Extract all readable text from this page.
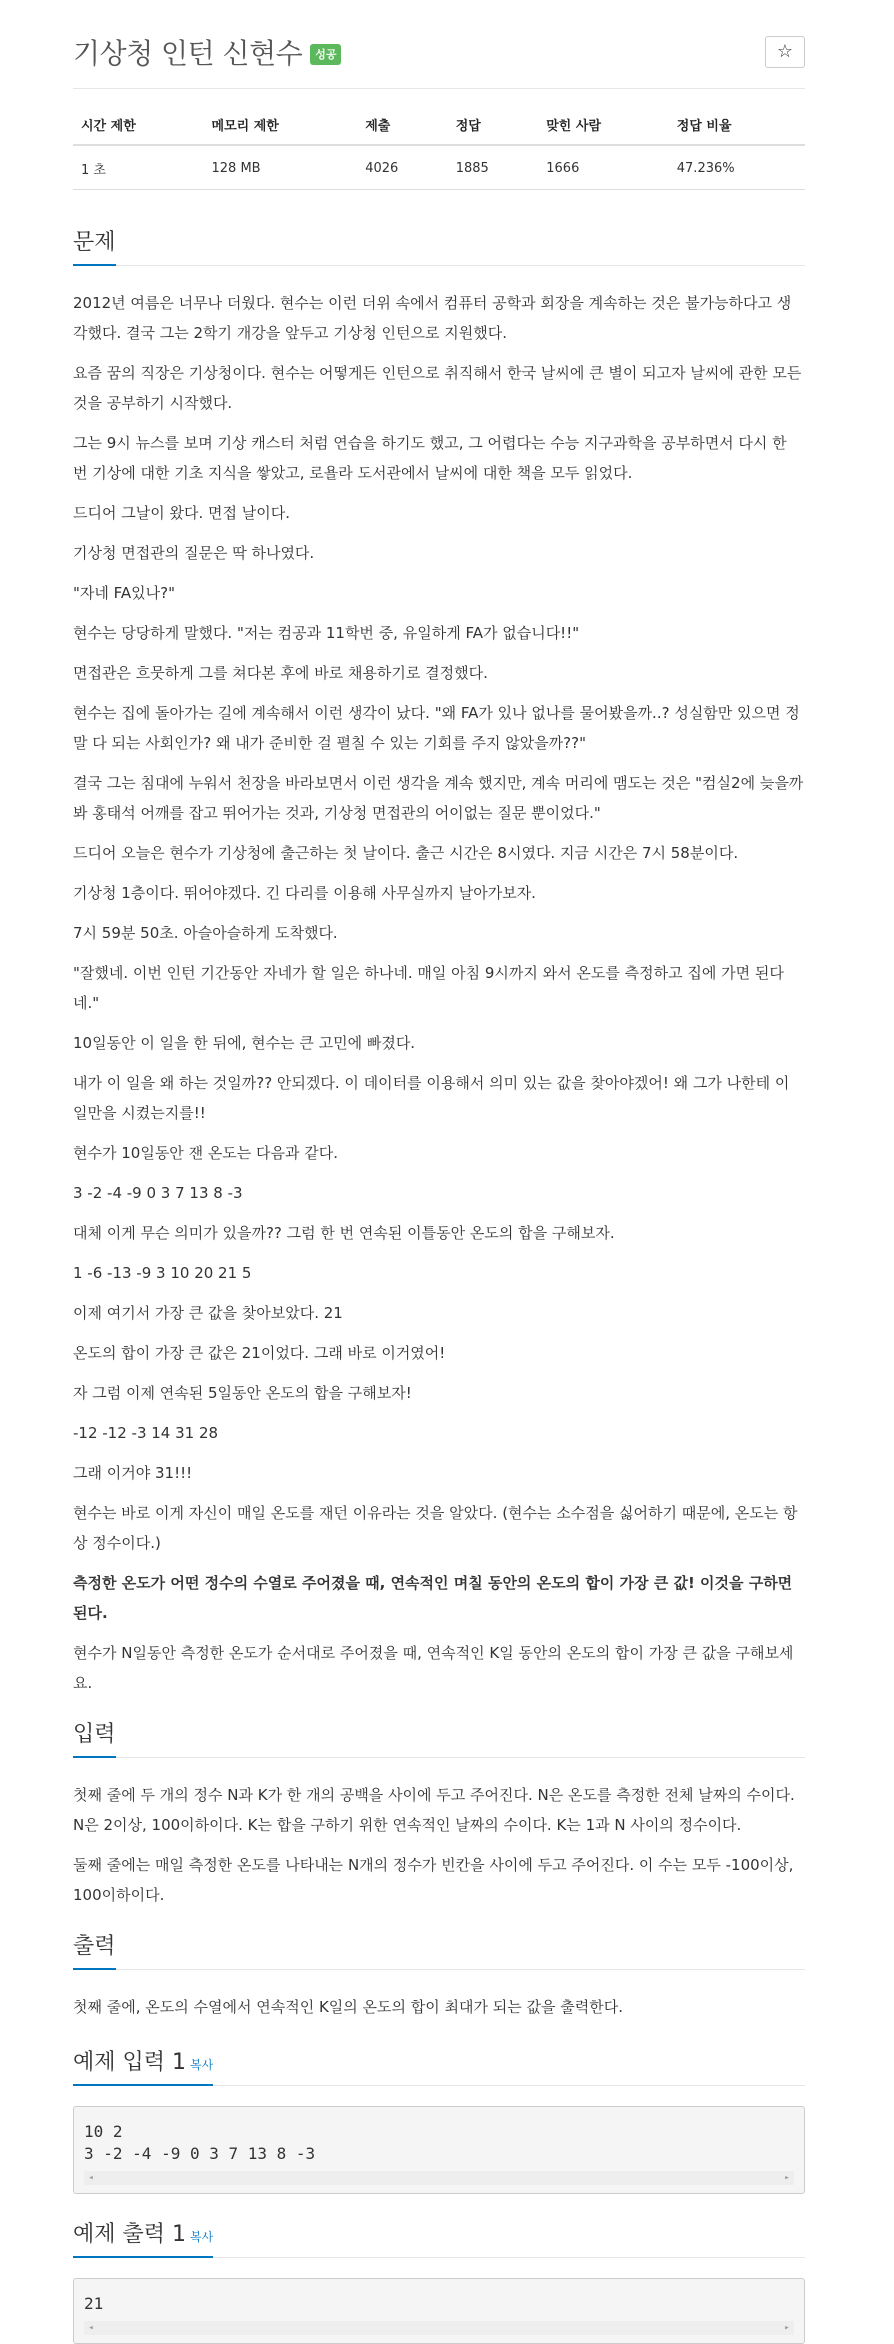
기상청 인턴 신현수 성공	☆
시간 제한	메모리 제한	제출	정답	맞힌 사람	정답 비율
1 초	128 MB	4026	1885	1666	47.236%
문제

2012년 여름은 너무나 더웠다. 현수는 이런 더위 속에서 컴퓨터 공학과 회장을 계속하는 것은 불가능하다고 생각했다. 결국 그는 2학기 개강을 앞두고 기상청 인턴으로 지원했다.

요즘 꿈의 직장은 기상청이다. 현수는 어떻게든 인턴으로 취직해서 한국 날씨에 큰 별이 되고자 날씨에 관한 모든 것을 공부하기 시작했다.

그는 9시 뉴스를 보며 기상 캐스터 처럼 연습을 하기도 했고, 그 어렵다는 수능 지구과학을 공부하면서 다시 한 번 기상에 대한 기초 지식을 쌓았고, 로욜라 도서관에서 날씨에 대한 책을 모두 읽었다.

드디어 그날이 왔다. 면접 날이다.

기상청 면접관의 질문은 딱 하나였다.

"자네 FA있나?"

현수는 당당하게 말했다. "저는 컴공과 11학번 중, 유일하게 FA가 없습니다!!"

면접관은 흐뭇하게 그를 쳐다본 후에 바로 채용하기로 결정했다.

현수는 집에 돌아가는 길에 계속해서 이런 생각이 났다. "왜 FA가 있나 없나를 물어봤을까..? 성실함만 있으면 정말 다 되는 사회인가? 왜 내가 준비한 걸 펼칠 수 있는 기회를 주지 않았을까??"

결국 그는 침대에 누워서 천장을 바라보면서 이런 생각을 계속 했지만, 계속 머리에 맴도는 것은 "컴실2에 늦을까봐 홍태석 어깨를 잡고 뛰어가는 것과, 기상청 면접관의 어이없는 질문 뿐이었다."

드디어 오늘은 현수가 기상청에 출근하는 첫 날이다. 출근 시간은 8시였다. 지금 시간은 7시 58분이다.

기상청 1층이다. 뛰어야겠다. 긴 다리를 이용해 사무실까지 날아가보자.

7시 59분 50초. 아슬아슬하게 도착했다.

"잘했네. 이번 인턴 기간동안 자네가 할 일은 하나네. 매일 아침 9시까지 와서 온도를 측정하고 집에 가면 된다네."

10일동안 이 일을 한 뒤에, 현수는 큰 고민에 빠졌다.

내가 이 일을 왜 하는 것일까?? 안되겠다. 이 데이터를 이용해서 의미 있는 값을 찾아야겠어! 왜 그가 나한테 이 일만을 시켰는지를!!

현수가 10일동안 잰 온도는 다음과 같다.

3 -2 -4 -9 0 3 7 13 8 -3

대체 이게 무슨 의미가 있을까?? 그럼 한 번 연속된 이틀동안 온도의 합을 구해보자.

1 -6 -13 -9 3 10 20 21 5

이제 여기서 가장 큰 값을 찾아보았다. 21

온도의 합이 가장 큰 값은 21이었다. 그래 바로 이거였어!

자 그럼 이제 연속된 5일동안 온도의 합을 구해보자!

-12 -12 -3 14 31 28

그래 이거야 31!!!

현수는 바로 이게 자신이 매일 온도를 재던 이유라는 것을 알았다. (현수는 소수점을 싫어하기 때문에, 온도는 항상 정수이다.)

측정한 온도가 어떤 정수의 수열로 주어졌을 때, 연속적인 며칠 동안의 온도의 합이 가장 큰 값! 이것을 구하면 된다.

현수가 N일동안 측정한 온도가 순서대로 주어졌을 때, 연속적인 K일 동안의 온도의 합이 가장 큰 값을 구해보세요.

입력

첫째 줄에 두 개의 정수 N과 K가 한 개의 공백을 사이에 두고 주어진다. N은 온도를 측정한 전체 날짜의 수이다. N은 2이상, 100이하이다. K는 합을 구하기 위한 연속적인 날짜의 수이다. K는 1과 N 사이의 정수이다.

둘째 줄에는 매일 측정한 온도를 나타내는 N개의 정수가 빈칸을 사이에 두고 주어진다. 이 수는 모두 -100이상, 100이하이다.

출력

첫째 줄에, 온도의 수열에서 연속적인 K일의 온도의 합이 최대가 되는 값을 출력한다.

예제 입력 1 복사
10 2
3 -2 -4 -9 0 3 7 13 8 -3

◂	▸
예제 출력 1 복사
21

◂	▸
